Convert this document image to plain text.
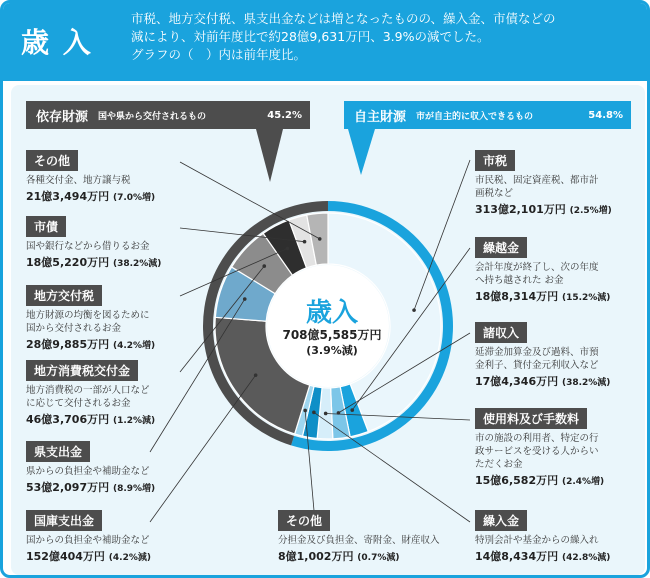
歳 入
市税、地方交付税、県支出金などは増となったものの、繰入金、市債などの
減により、対前年度比で約28億9,631万円、3.9%の減でした。
グラフの（　）内は前年度比。
依存財源 国や県から交付されるもの	45.2%	自主財源 市が自主的に収入できるもの	54.8%
歳入
708億5,585万円
(3.9%減)
市税
市民税、固定資産税、都市計
画税など
313億2,101万円 (2.5%増)
繰越金
会計年度が終了し、次の年度
へ持ち越された お金
18億8,314万円 (15.2%減)
諸収入
延滞金加算金及び過料、市預
金利子、貸付金元利収入など
17億4,346万円 (38.2%減)
使用料及び手数料
市の施設の利用者、特定の行
政サービスを受ける人からい
ただくお金
15億6,582万円 (2.4%増)
繰入金
特別会計や基金からの繰入れ
14億8,434万円 (42.8%減)
その他
分担金及び負担金、寄附金、財産収入
8億1,002万円 (0.7%減)
国庫支出金
国からの負担金や補助金など
152億404万円 (4.2%減)
県支出金
県からの負担金や補助金など
53億2,097万円 (8.9%増)
地方消費税交付金
地方消費税の一部が人口など
に応じて交付されるお金
46億3,706万円 (1.2%減)
地方交付税
地方財源の均衡を図るために
国から交付されるお金
28億9,885万円 (4.2%増)
市債
国や銀行などから借りるお金
18億5,220万円 (38.2%減)
その他
各種交付金、地方譲与税
21億3,494万円 (7.0%増)
